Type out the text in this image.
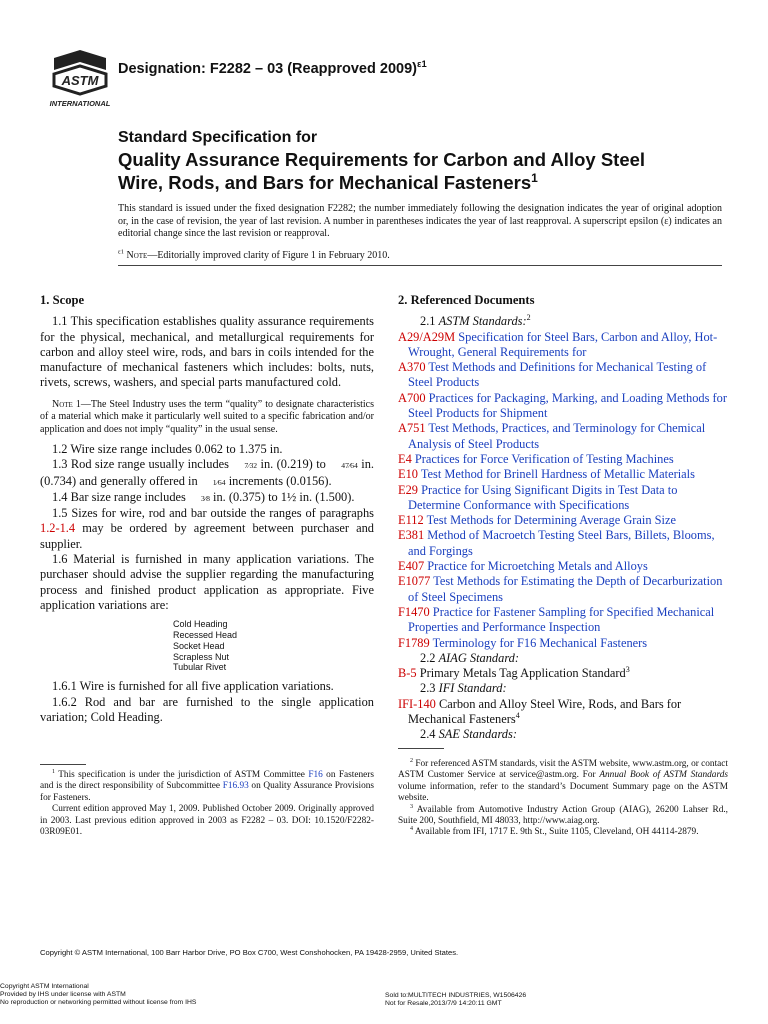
ASTM
INTERNATIONAL
Designation: F2282 – 03 (Reapproved 2009)$^{\varepsilon 1}$
Standard Specification for
Quality Assurance Requirements for Carbon and Alloy Steel
Wire, Rods, and Bars for Mechanical Fasteners$^1$
This standard is issued under the fixed designation F2282; the number immediately following the designation indicates the year of original adoption or, in the case of revision, the year of last revision. A number in parentheses indicates the year of last reapproval. A superscript epsilon (ε) indicates an editorial change since the last revision or reapproval.
$^{\varepsilon 1}$ Note—Editorially improved clarity of Figure 1 in February 2010.
1. Scope

1.1 This specification establishes quality assurance requirements for the physical, mechanical, and metallurgical requirements for carbon and alloy steel wire, rods, and bars in coils intended for the manufacture of mechanical fasteners which includes: bolts, nuts, rivets, screws, washers, and special parts manufactured cold.

Note 1—The Steel Industry uses the term “quality” to designate characteristics of a material which make it particularly well suited to a specific fabrication and/or application and does not imply “quality” in the usual sense.

1.2 Wire size range includes 0.062 to 1.375 in.

1.3 Rod size range usually includes 7⁄32 in. (0.219) to 47⁄64 in. (0.734) and generally offered in 1⁄64 increments (0.0156).

1.4 Bar size range includes 3⁄8 in. (0.375) to 1½ in. (1.500).

1.5 Sizes for wire, rod and bar outside the ranges of paragraphs 1.2-1.4 may be ordered by agreement between purchaser and supplier.

1.6 Material is furnished in many application variations. The purchaser should advise the supplier regarding the manufacturing process and finished product application as appropriate. Five application variations are:

Cold Heading
Recessed Head
Socket Head
Scrapless Nut
Tubular Rivet

1.6.1 Wire is furnished for all five application variations.

1.6.2 Rod and bar are furnished to the single application variation; Cold Heading.

2. Referenced Documents

2.1 ASTM Standards:$^2$

A29/A29M Specification for Steel Bars, Carbon and Alloy, Hot-Wrought, General Requirements for

A370 Test Methods and Definitions for Mechanical Testing of Steel Products

A700 Practices for Packaging, Marking, and Loading Methods for Steel Products for Shipment

A751 Test Methods, Practices, and Terminology for Chemical Analysis of Steel Products

E4 Practices for Force Verification of Testing Machines

E10 Test Method for Brinell Hardness of Metallic Materials

E29 Practice for Using Significant Digits in Test Data to Determine Conformance with Specifications

E112 Test Methods for Determining Average Grain Size

E381 Method of Macroetch Testing Steel Bars, Billets, Blooms, and Forgings

E407 Practice for Microetching Metals and Alloys

E1077 Test Methods for Estimating the Depth of Decarburization of Steel Specimens

F1470 Practice for Fastener Sampling for Specified Mechanical Properties and Performance Inspection

F1789 Terminology for F16 Mechanical Fasteners

2.2 AIAG Standard:

B-5 Primary Metals Tag Application Standard$^3$

2.3 IFI Standard:

IFI-140 Carbon and Alloy Steel Wire, Rods, and Bars for Mechanical Fasteners$^4$

2.4 SAE Standards:

$^1$ This specification is under the jurisdiction of ASTM Committee F16 on Fasteners and is the direct responsibility of Subcommittee F16.93 on Quality Assurance Provisions for Fasteners.

Current edition approved May 1, 2009. Published October 2009. Originally approved in 2003. Last previous edition approved in 2003 as F2282 – 03. DOI: 10.1520/F2282-03R09E01.

$^2$ For referenced ASTM standards, visit the ASTM website, www.astm.org, or contact ASTM Customer Service at service@astm.org. For Annual Book of ASTM Standards volume information, refer to the standard’s Document Summary page on the ASTM website.

$^3$ Available from Automotive Industry Action Group (AIAG), 26200 Lahser Rd., Suite 200, Southfield, MI 48033, http://www.aiag.org.

$^4$ Available from IFI, 1717 E. 9th St., Suite 1105, Cleveland, OH 44114-2879.

Copyright © ASTM International, 100 Barr Harbor Drive, PO Box C700, West Conshohocken, PA 19428-2959, United States.
Copyright ASTM International
Provided by IHS under license with ASTM
No reproduction or networking permitted without license from IHS
Sold to:MULTITECH INDUSTRIES, W1506426
Not for Resale,2013/7/9 14:20:11 GMT
